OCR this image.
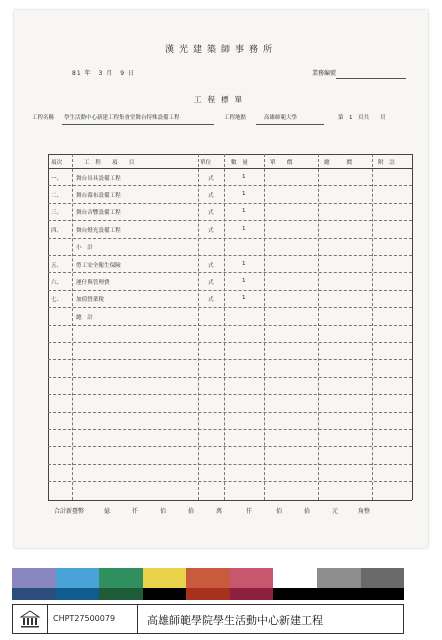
漢光建築師事務所
81 年　3 月　9 日	業務編號
工程標單
工程名稱 學生活動中心新建工程集會堂舞台特殊設備工程	工程地點	高雄師範大學	第　1　頁共　　頁
項次	工　程　　項　　目	單位	數　量	單　　價	總　　　價	附　註
一、 舞台吊具設備工程	式	1
二、 舞台幕布設備工程	式	1
三、 舞台音響設備工程	式	1
四、 舞台燈光設備工程	式	1
小　計
五、 勞工安全衛生保險	式	1
六、 運什與管理費	式	1
七、 加值營業稅	式	1
總　計
合計新臺幣	億	仟	佰	拾	萬	仟	佰	拾	元	角整
CHPT27500079	高雄師範學院學生活動中心新建工程
